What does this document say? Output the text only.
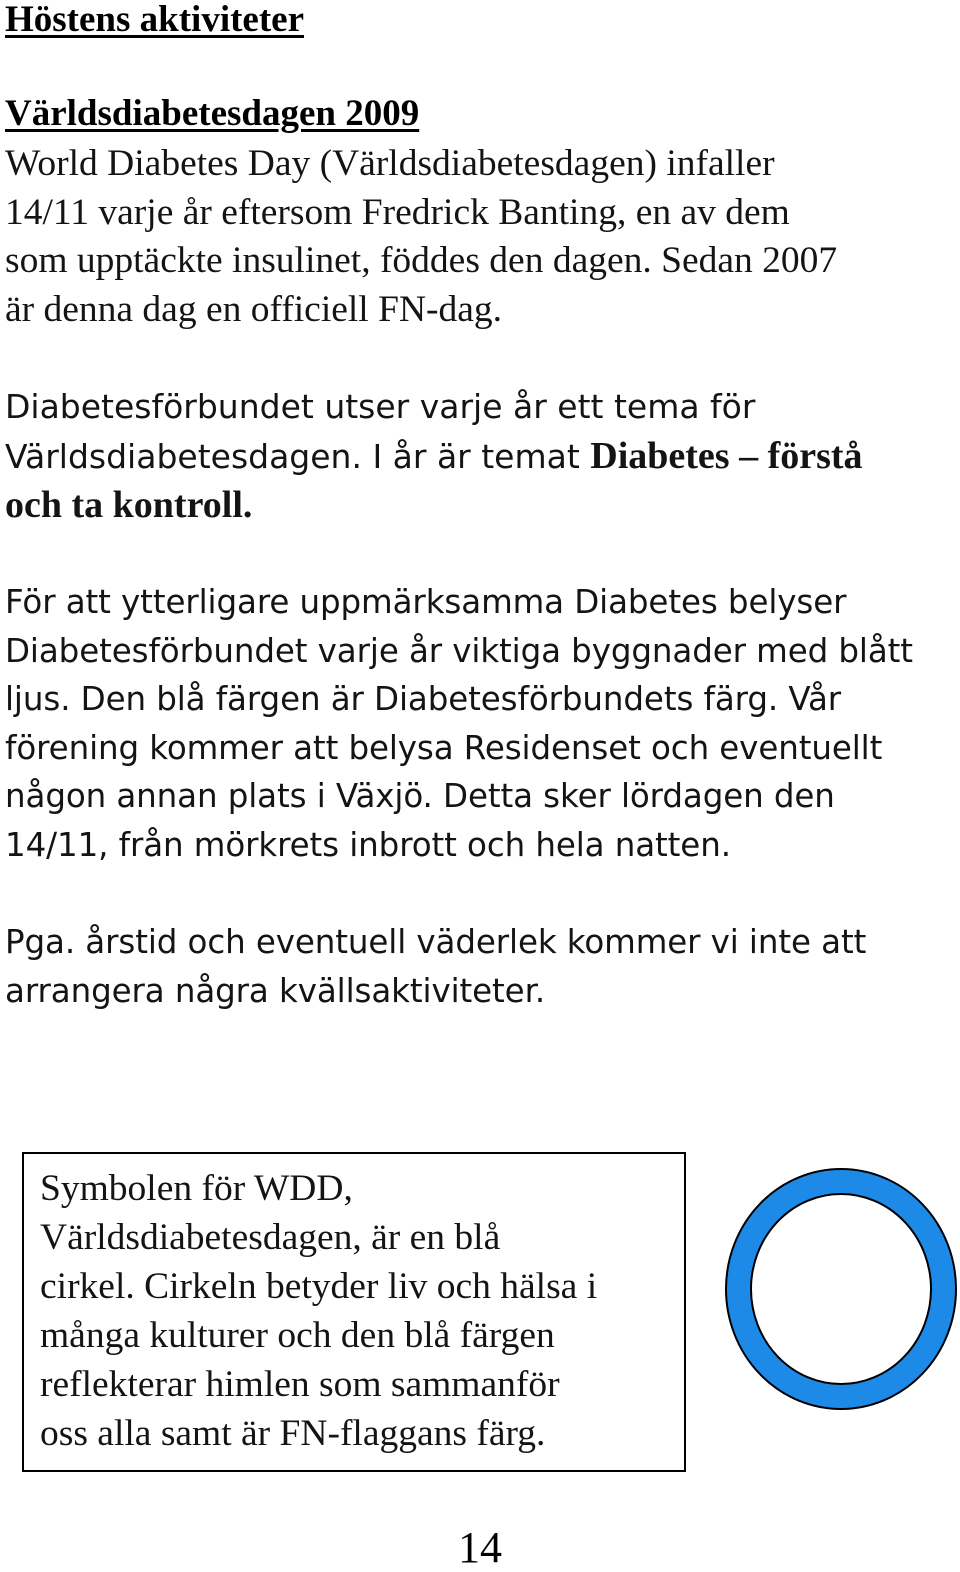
Höstens aktiviteter
Världsdiabetesdagen 2009

World Diabetes Day (Världsdiabetesdagen) infaller
14/11 varje år eftersom Fredrick Banting, en av dem
som upptäckte insulinet, föddes den dagen. Sedan 2007
är denna dag en officiell FN-dag.

Diabetesförbundet utser varje år ett tema för
Världsdiabetesdagen. I år är temat Diabetes – förstå
och ta kontroll.

För att ytterligare uppmärksamma Diabetes belyser
Diabetesförbundet varje år viktiga byggnader med blått
ljus. Den blå färgen är Diabetesförbundets färg. Vår
förening kommer att belysa Residenset och eventuellt
någon annan plats i Växjö. Detta sker lördagen den
14/11, från mörkrets inbrott och hela natten.

Pga. årstid och eventuell väderlek kommer vi inte att
arrangera några kvällsaktiviteter.

Symbolen för WDD,
Världsdiabetesdagen, är en blå
cirkel. Cirkeln betyder liv och hälsa i
många kulturer och den blå färgen
reflekterar himlen som sammanför
oss alla samt är FN-flaggans färg.

14
